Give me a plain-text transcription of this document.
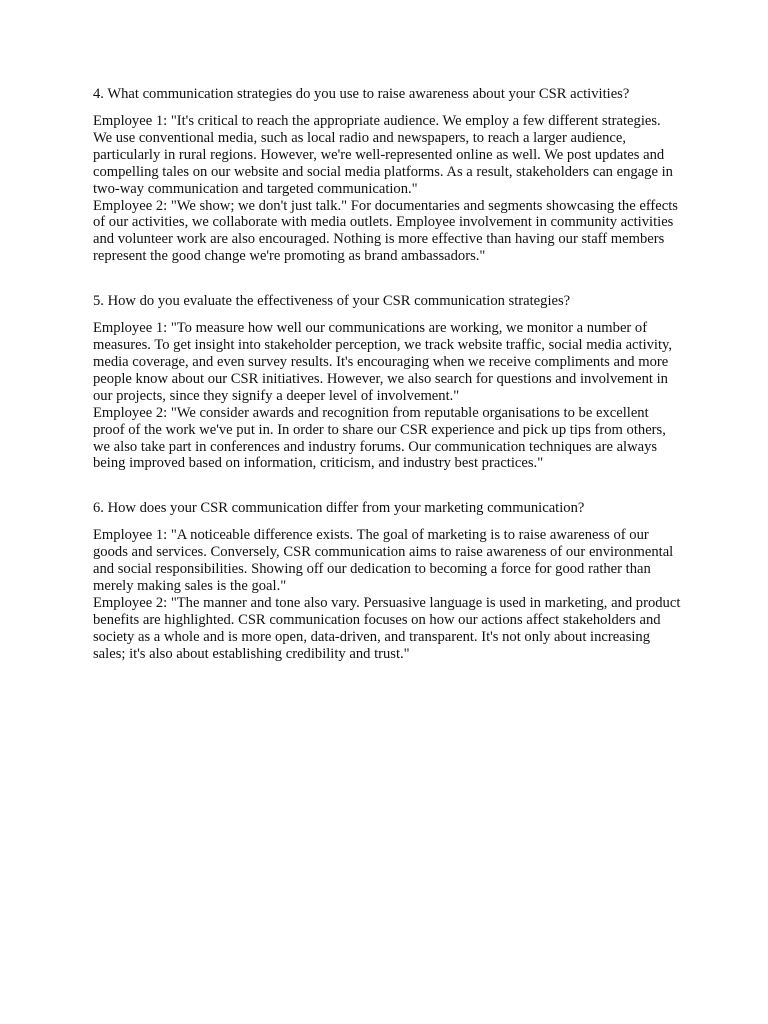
4. What communication strategies do you use to raise awareness about your CSR activities?

Employee 1: "It's critical to reach the appropriate audience. We employ a few different strategies. We use conventional media, such as local radio and newspapers, to reach a larger audience, particularly in rural regions. However, we're well-represented online as well. We post updates and compelling tales on our website and social media platforms. As a result, stakeholders can engage in two-way communication and targeted communication."

Employee 2: "We show; we don't just talk." For documentaries and segments showcasing the effects of our activities, we collaborate with media outlets. Employee involvement in community activities and volunteer work are also encouraged. Nothing is more effective than having our staff members represent the good change we're promoting as brand ambassadors."

5. How do you evaluate the effectiveness of your CSR communication strategies?

Employee 1: "To measure how well our communications are working, we monitor a number of measures. To get insight into stakeholder perception, we track website traffic, social media activity, media coverage, and even survey results. It's encouraging when we receive compliments and more people know about our CSR initiatives. However, we also search for questions and involvement in our projects, since they signify a deeper level of involvement."

Employee 2: "We consider awards and recognition from reputable organisations to be excellent proof of the work we've put in. In order to share our CSR experience and pick up tips from others, we also take part in conferences and industry forums. Our communication techniques are always being improved based on information, criticism, and industry best practices."

6. How does your CSR communication differ from your marketing communication?

Employee 1: "A noticeable difference exists. The goal of marketing is to raise awareness of our goods and services. Conversely, CSR communication aims to raise awareness of our environmental and social responsibilities. Showing off our dedication to becoming a force for good rather than merely making sales is the goal."

Employee 2: "The manner and tone also vary. Persuasive language is used in marketing, and product benefits are highlighted. CSR communication focuses on how our actions affect stakeholders and society as a whole and is more open, data-driven, and transparent. It's not only about increasing sales; it's also about establishing credibility and trust."
